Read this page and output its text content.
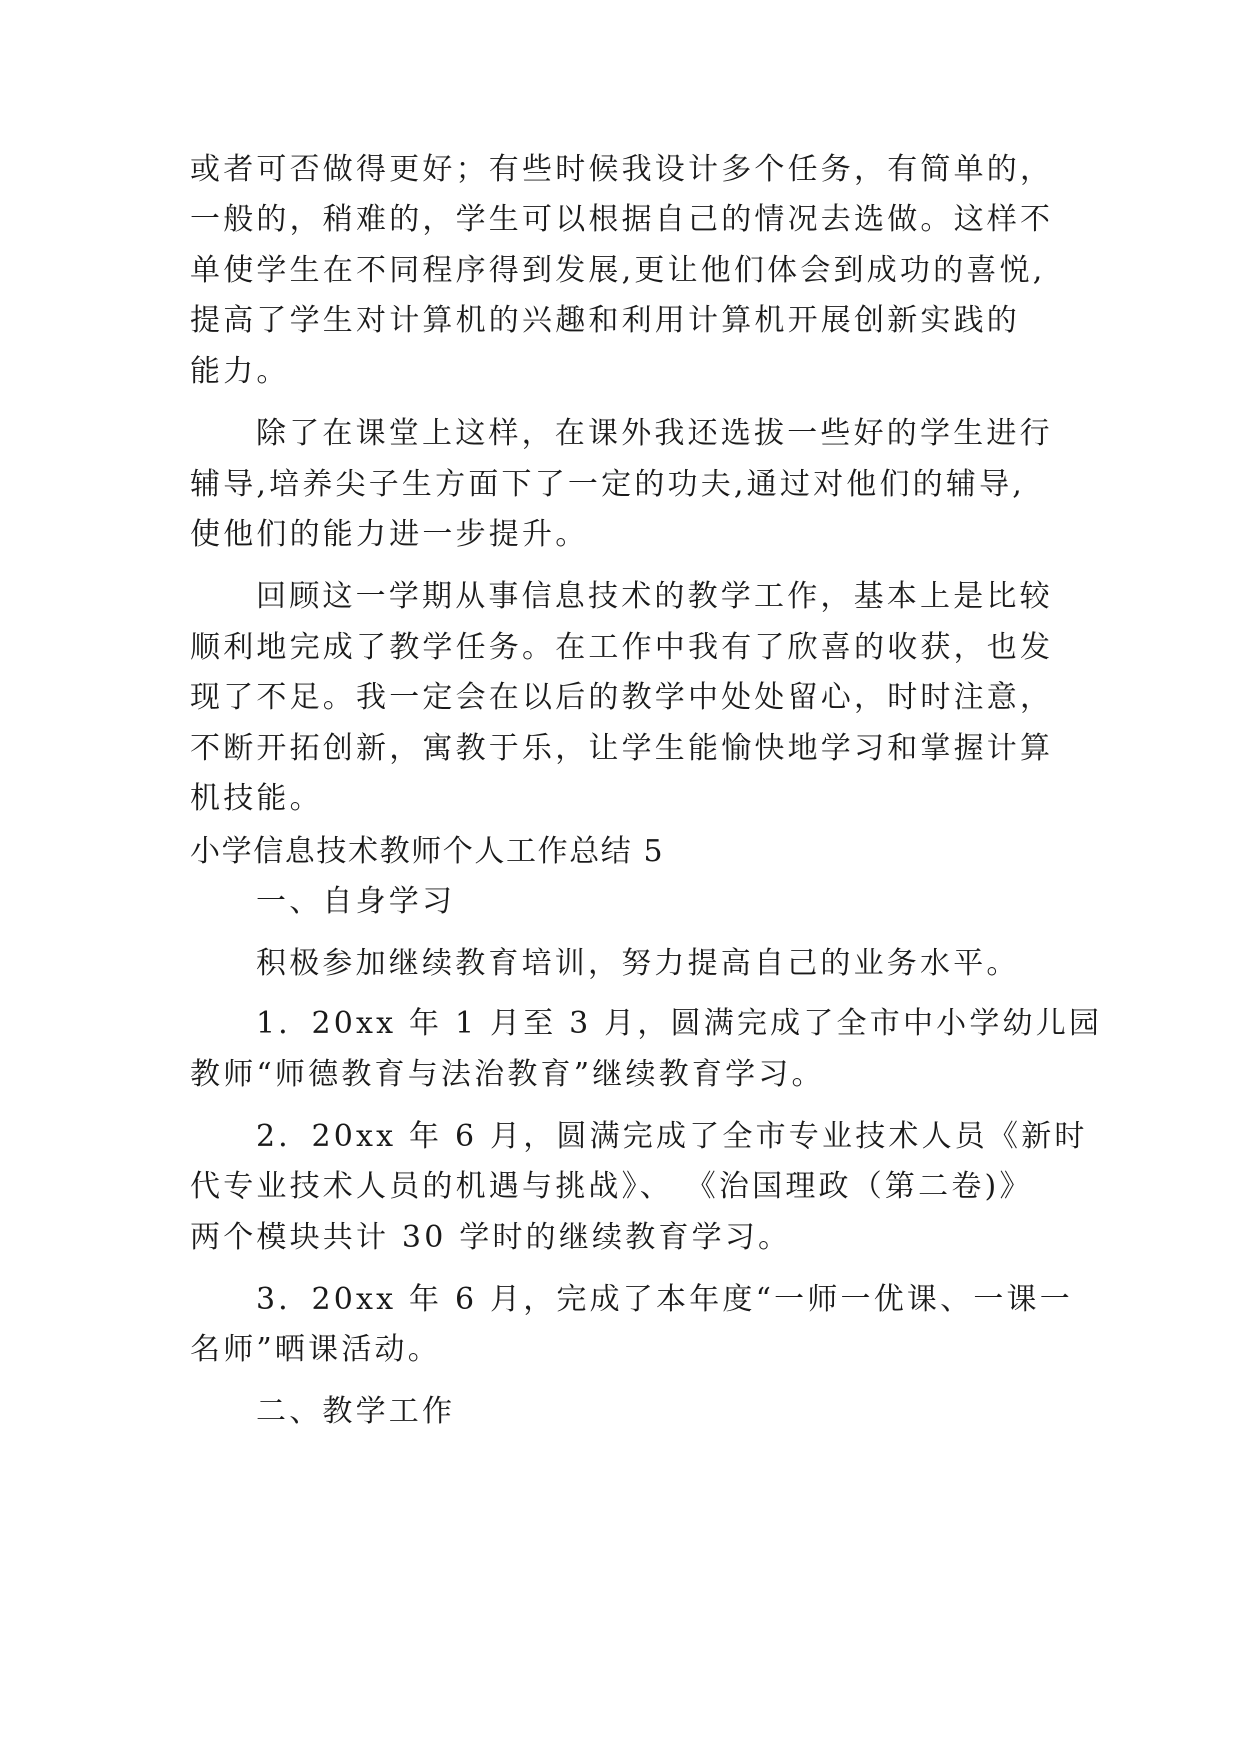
或者可否做得更好；有些时候我设计多个任务，有简单的，
一般的，稍难的，学生可以根据自己的情况去选做。这样不
单使学生在不同程序得到发展,更让他们体会到成功的喜悦,
提高了学生对计算机的兴趣和利用计算机开展创新实践的
能力。
除了在课堂上这样，在课外我还选拔一些好的学生进行
辅导,培养尖子生方面下了一定的功夫,通过对他们的辅导,
使他们的能力进一步提升。
回顾这一学期从事信息技术的教学工作，基本上是比较
顺利地完成了教学任务。在工作中我有了欣喜的收获，也发
现了不足。我一定会在以后的教学中处处留心，时时注意，
不断开拓创新，寓教于乐，让学生能愉快地学习和掌握计算
机技能。
小学信息技术教师个人工作总结 5
一、自身学习
积极参加继续教育培训，努力提高自己的业务水平。
1．20xx 年 1 月至 3 月，圆满完成了全市中小学幼儿园
教师“师德教育与法治教育”继续教育学习。
2．20xx 年 6 月，圆满完成了全市专业技术人员《新时
代专业技术人员的机遇与挑战》、 《治国理政（第二卷)》
两个模块共计 30 学时的继续教育学习。
3．20xx 年 6 月，完成了本年度“一师一优课、一课一
名师”晒课活动。
二、教学工作
